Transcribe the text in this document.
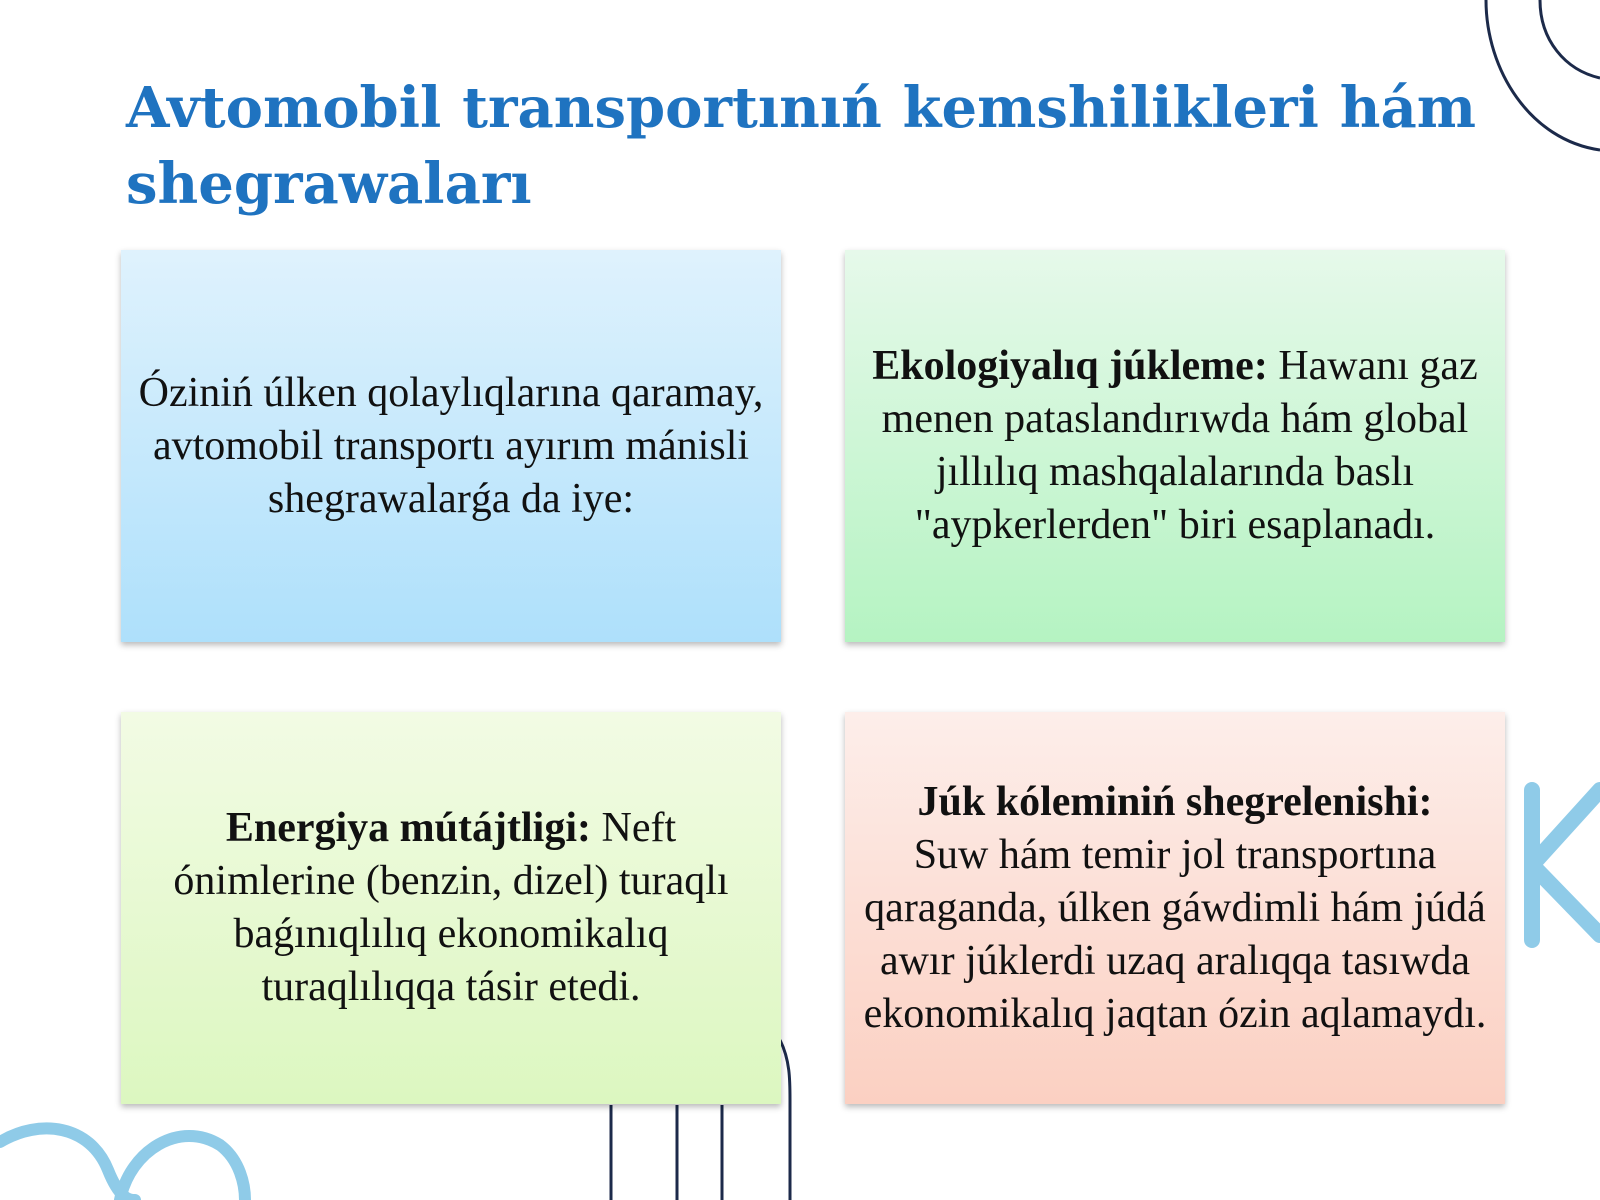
Avtomobil transportınıń kemshilikleri hám shegrawaları

Óziniń úlken qolaylıqlarına qaramay, avtomobil transportı ayırım mánisli shegrawalarǵa da iye:

Ekologiyalıq júkleme: Hawanı gaz menen pataslandırıwda hám global jıllılıq mashqalalarında baslı "aypkerlerden" biri esaplanadı.

Energiya mútájtligi: Neft ónimlerine (benzin, dizel) turaqlı baǵınıqlılıq ekonomikalıq turaqlılıqqa tásir etedi.

Júk kóleminiń shegrelenishi:
Suw hám temir jol transportına qaraganda, úlken gáwdimli hám júdá awır júklerdi uzaq aralıqqa tasıwda ekonomikalıq jaqtan ózin aqlamaydı.
